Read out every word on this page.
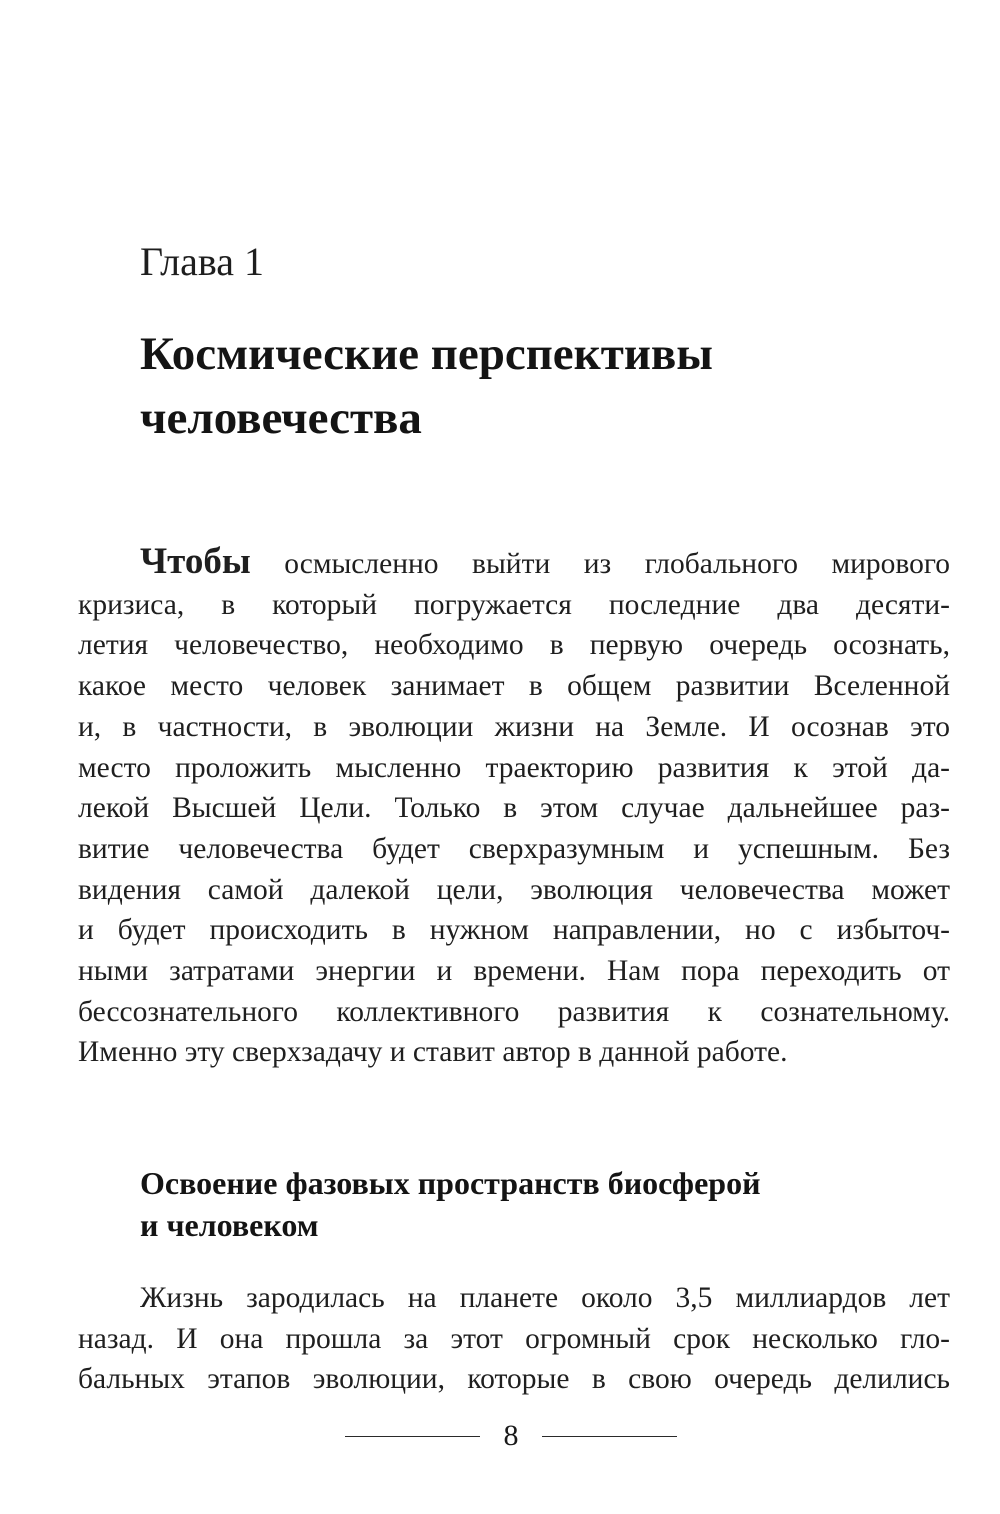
Глава 1
Космические перспективы
человечества
Чтобы осмысленно выйти из глобального мирового
кризиса, в который погружается последние два десяти-
летия человечество, необходимо в первую очередь осознать,
какое место человек занимает в общем развитии Вселенной
и, в частности, в эволюции жизни на Земле. И осознав это
место проложить мысленно траекторию развития к этой да-
лекой Высшей Цели. Только в этом случае дальнейшее раз-
витие человечества будет сверхразумным и успешным. Без
видения самой далекой цели, эволюция человечества может
и будет происходить в нужном направлении, но с избыточ-
ными затратами энергии и времени. Нам пора переходить от
бессознательного коллективного развития к сознательному.
Именно эту сверхзадачу и ставит автор в данной работе.
Освоение фазовых пространств биосферой
и человеком
Жизнь зародилась на планете около 3,5 миллиардов лет
назад. И она прошла за этот огромный срок несколько гло-
бальных этапов эволюции, которые в свою очередь делились
8
